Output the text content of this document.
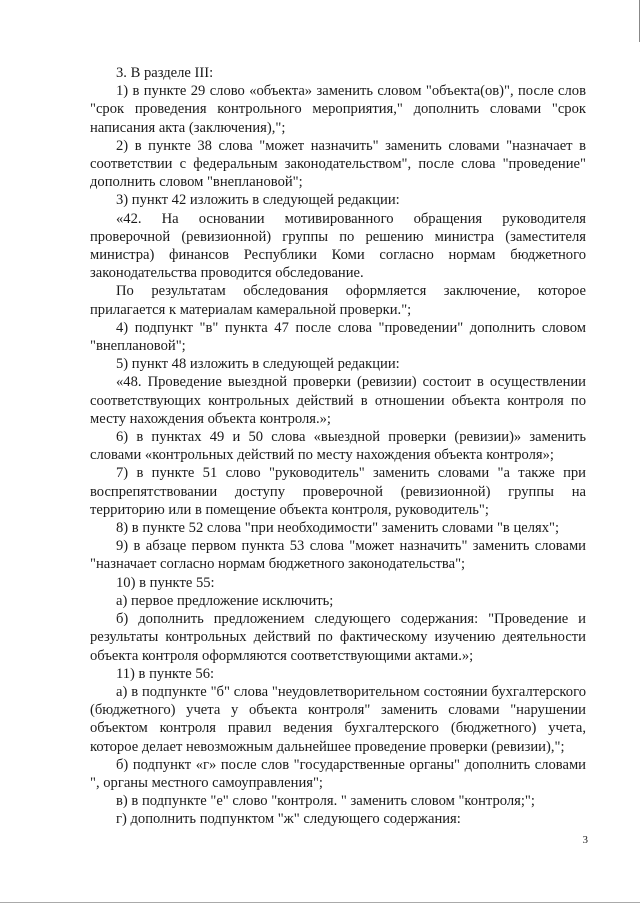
3. В разделе III:

1) в пункте 29 слово «объекта» заменить словом "объекта(ов)", после слов "срок проведения контрольного мероприятия," дополнить словами "срок написания акта (заключения),";

2) в пункте 38 слова "может назначить" заменить словами "назначает в соответствии с федеральным законодательством", после слова "проведение" дополнить словом "внеплановой";

3) пункт 42 изложить в следующей редакции:

«42. На основании мотивированного обращения руководителя проверочной (ревизионной) группы по решению министра (заместителя министра) финансов Республики Коми согласно нормам бюджетного законодательства проводится обследование.

По результатам обследования оформляется заключение, которое прилагается к материалам камеральной проверки.";

4) подпункт "в" пункта 47 после слова "проведении" дополнить словом "внеплановой";

5) пункт 48 изложить в следующей редакции:

«48. Проведение выездной проверки (ревизии) состоит в осуществлении соответствующих контрольных действий в отношении объекта контроля по месту нахождения объекта контроля.»;

6) в пунктах 49 и 50 слова «выездной проверки (ревизии)» заменить словами «контрольных действий по месту нахождения объекта контроля»;

7) в пункте 51 слово "руководитель" заменить словами "а также при воспрепятствовании доступу проверочной (ревизионной) группы на территорию или в помещение объекта контроля, руководитель";

8) в пункте 52 слова "при необходимости" заменить словами "в целях";

9) в абзаце первом пункта 53 слова "может назначить" заменить словами "назначает согласно нормам бюджетного законодательства";

10) в пункте 55:

а) первое предложение исключить;

б) дополнить предложением следующего содержания: "Проведение и результаты контрольных действий по фактическому изучению деятельности объекта контроля оформляются соответствующими актами.»;

11) в пункте 56:

а) в подпункте "б" слова "неудовлетворительном состоянии бухгалтерского (бюджетного) учета у объекта контроля" заменить словами "нарушении объектом контроля правил ведения бухгалтерского (бюджетного) учета, которое делает невозможным дальнейшее проведение проверки (ревизии),";

б) подпункт «г» после слов "государственные органы" дополнить словами ", органы местного самоуправления";

в) в подпункте "е" слово "контроля. " заменить словом "контроля;";

г) дополнить подпунктом "ж" следующего содержания:

3
